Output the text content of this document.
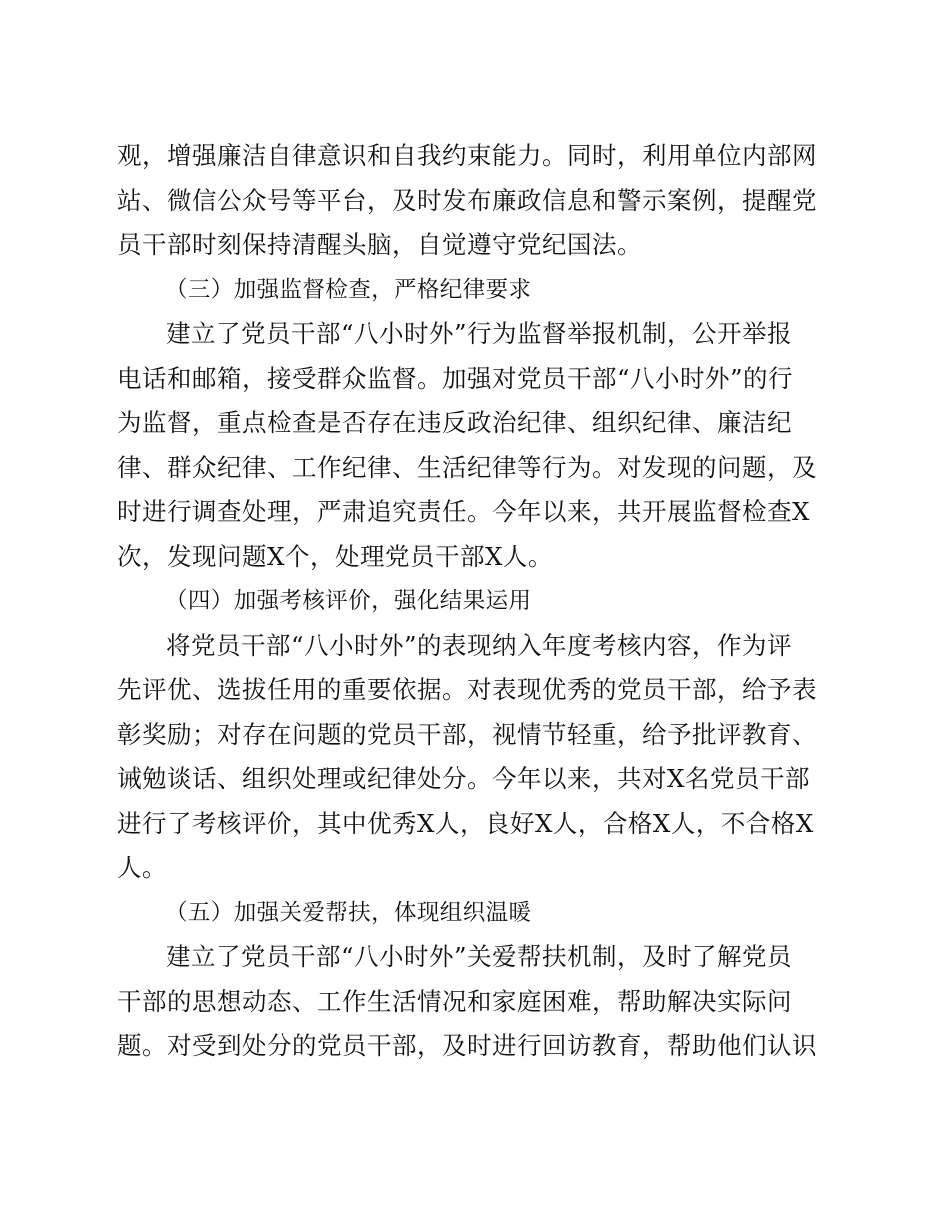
观，增强廉洁自律意识和自我约束能力。同时，利用单位内部网
站、微信公众号等平台，及时发布廉政信息和警示案例，提醒党
员干部时刻保持清醒头脑，自觉遵守党纪国法。
（三）加强监督检查，严格纪律要求
建立了党员干部“八小时外”行为监督举报机制，公开举报
电话和邮箱，接受群众监督。加强对党员干部“八小时外”的行
为监督，重点检查是否存在违反政治纪律、组织纪律、廉洁纪
律、群众纪律、工作纪律、生活纪律等行为。对发现的问题，及
时进行调查处理，严肃追究责任。今年以来，共开展监督检查X
次，发现问题X个，处理党员干部X人。
（四）加强考核评价，强化结果运用
将党员干部“八小时外”的表现纳入年度考核内容，作为评
先评优、选拔任用的重要依据。对表现优秀的党员干部，给予表
彰奖励；对存在问题的党员干部，视情节轻重，给予批评教育、
诫勉谈话、组织处理或纪律处分。今年以来，共对X名党员干部
进行了考核评价，其中优秀X人，良好X人，合格X人，不合格X
人。
（五）加强关爱帮扶，体现组织温暖
建立了党员干部“八小时外”关爱帮扶机制，及时了解党员
干部的思想动态、工作生活情况和家庭困难，帮助解决实际问
题。对受到处分的党员干部，及时进行回访教育，帮助他们认识
